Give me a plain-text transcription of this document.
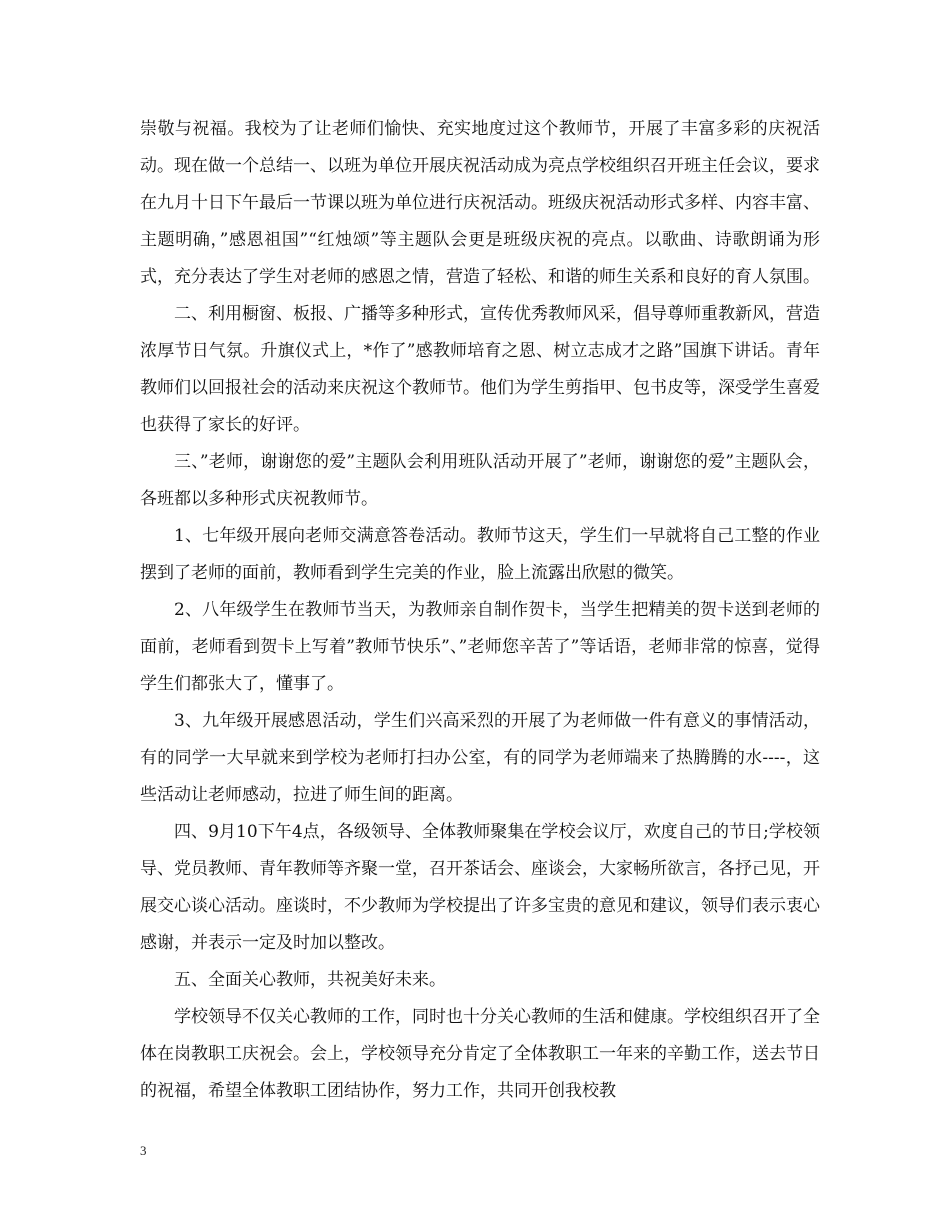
崇敬与祝福。我校为了让老师们愉快、充实地度过这个教师节，开展了丰富多彩的庆祝活动。现在做一个总结一、以班为单位开展庆祝活动成为亮点学校组织召开班主任会议，要求在九月十日下午最后一节课以班为单位进行庆祝活动。班级庆祝活动形式多样、内容丰富、主题明确，”感恩祖国”“红烛颂”等主题队会更是班级庆祝的亮点。以歌曲、诗歌朗诵为形式，充分表达了学生对老师的感恩之情，营造了轻松、和谐的师生关系和良好的育人氛围。

二、利用橱窗、板报、广播等多种形式，宣传优秀教师风采，倡导尊师重教新风，营造浓厚节日气氛。升旗仪式上，*作了”感教师培育之恩、树立志成才之路”国旗下讲话。青年教师们以回报社会的活动来庆祝这个教师节。他们为学生剪指甲、包书皮等，深受学生喜爱也获得了家长的好评。

三、”老师，谢谢您的爱”主题队会利用班队活动开展了”老师，谢谢您的爱”主题队会，各班都以多种形式庆祝教师节。

1、七年级开展向老师交满意答卷活动。教师节这天，学生们一早就将自己工整的作业摆到了老师的面前，教师看到学生完美的作业，脸上流露出欣慰的微笑。

2、八年级学生在教师节当天，为教师亲自制作贺卡，当学生把精美的贺卡送到老师的面前，老师看到贺卡上写着”教师节快乐”、”老师您辛苦了”等话语，老师非常的惊喜，觉得学生们都张大了，懂事了。

3、九年级开展感恩活动，学生们兴高采烈的开展了为老师做一件有意义的事情活动，有的同学一大早就来到学校为老师打扫办公室，有的同学为老师端来了热腾腾的水----，这些活动让老师感动，拉进了师生间的距离。

四、9月10下午4点，各级领导、全体教师聚集在学校会议厅，欢度自己的节日;学校领导、党员教师、青年教师等齐聚一堂，召开茶话会、座谈会，大家畅所欲言，各抒己见，开展交心谈心活动。座谈时，不少教师为学校提出了许多宝贵的意见和建议，领导们表示衷心感谢，并表示一定及时加以整改。

五、全面关心教师，共祝美好未来。

学校领导不仅关心教师的工作，同时也十分关心教师的生活和健康。学校组织召开了全体在岗教职工庆祝会。会上，学校领导充分肯定了全体教职工一年来的辛勤工作，送去节日的祝福，希望全体教职工团结协作，努力工作，共同开创我校教

3
